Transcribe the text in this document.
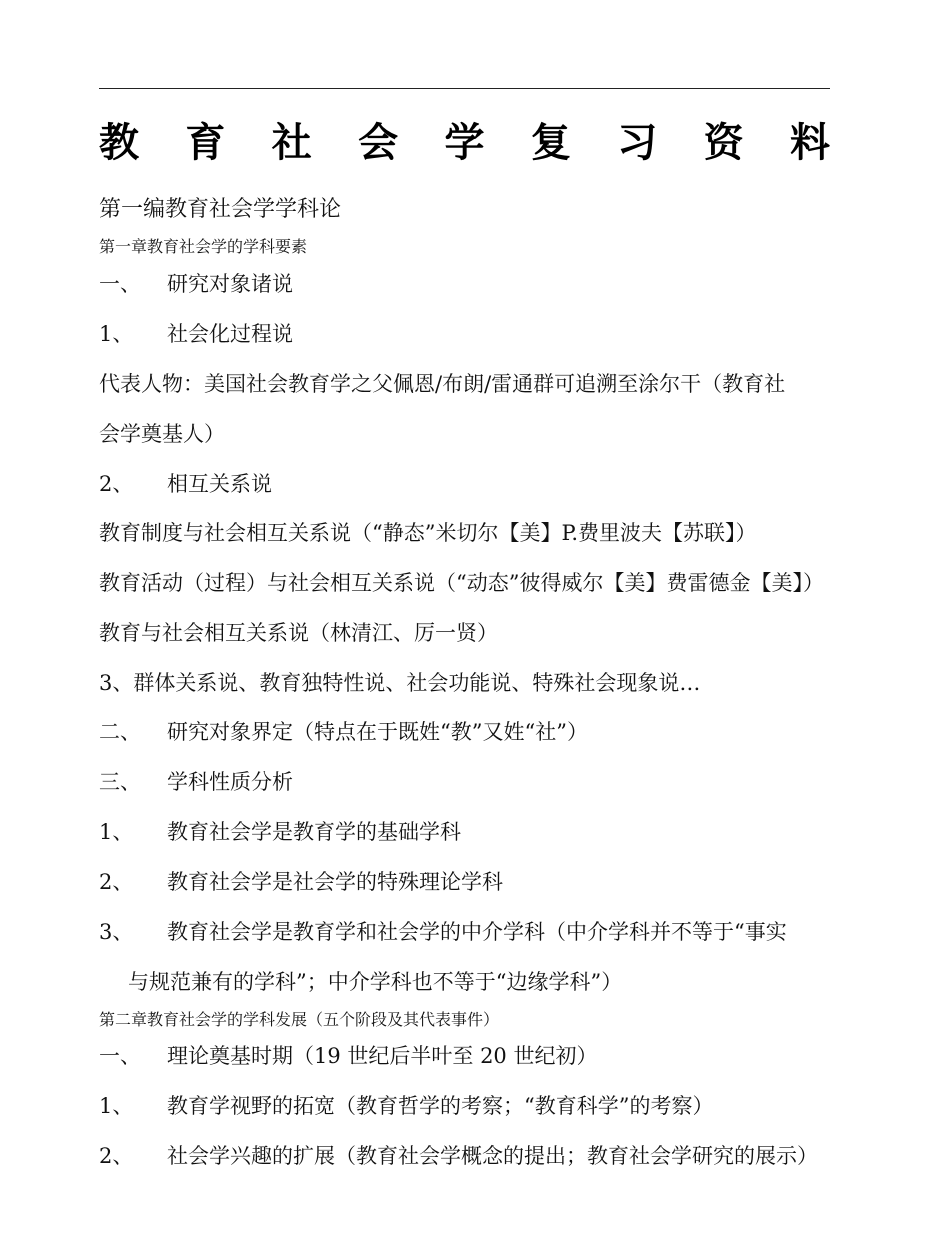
教 育 社 会 学 复 习 资 料
第一编教育社会学学科论
第一章教育社会学的学科要素
一、 研究对象诸说
1、 社会化过程说
代表人物：美国社会教育学之父佩恩/布朗/雷通群可追溯至涂尔干（教育社
会学奠基人）
2、 相互关系说
教育制度与社会相互关系说（“静态”米切尔【美】P.费里波夫【苏联】）
教育活动（过程）与社会相互关系说（“动态”彼得威尔【美】费雷德金【美】）
教育与社会相互关系说（林清江、厉一贤）
3、群体关系说、教育独特性说、社会功能说、特殊社会现象说…
二、 研究对象界定（特点在于既姓“教”又姓“社”）
三、 学科性质分析
1、 教育社会学是教育学的基础学科
2、 教育社会学是社会学的特殊理论学科
3、 教育社会学是教育学和社会学的中介学科（中介学科并不等于“事实
与规范兼有的学科”；中介学科也不等于“边缘学科”）
第二章教育社会学的学科发展（五个阶段及其代表事件）
一、 理论奠基时期（19 世纪后半叶至 20 世纪初）
1、 教育学视野的拓宽（教育哲学的考察；“教育科学”的考察）
2、 社会学兴趣的扩展（教育社会学概念的提出；教育社会学研究的展示）
